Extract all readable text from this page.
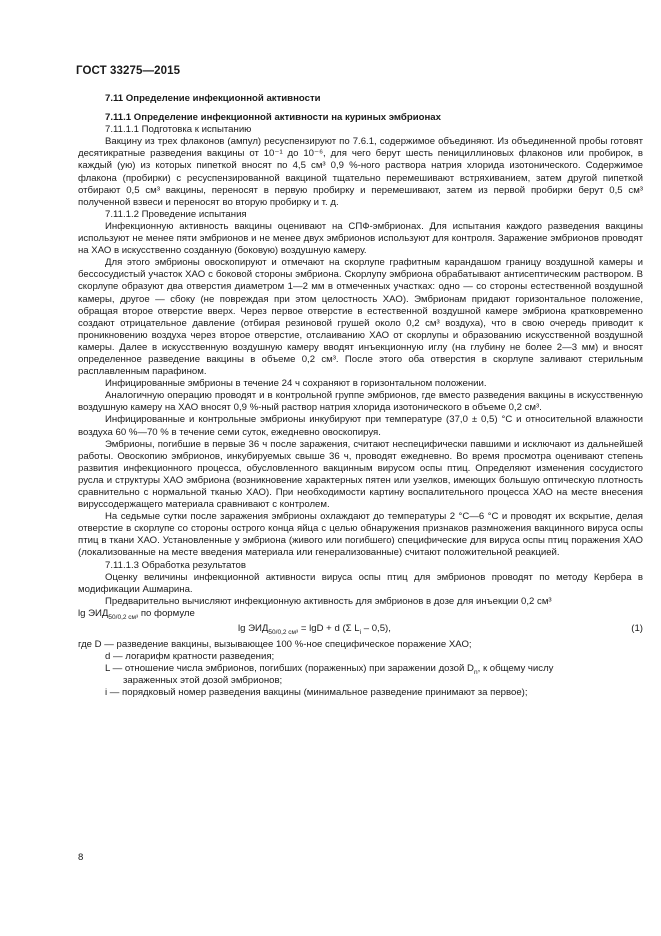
ГОСТ 33275—2015

7.11 Определение инфекционной активности

7.11.1 Определение инфекционной активности на куриных эмбрионах

7.11.1.1 Подготовка к испытанию

Вакцину из трех флаконов (ампул) ресуспензируют по 7.6.1, содержимое объединяют. Из объединенной пробы готовят десятикратные разведения вакцины от 10⁻¹ до 10⁻⁶, для чего берут шесть пенициллиновых флаконов или пробирок, в каждый (ую) из которых пипеткой вносят по 4,5 см³ 0,9 %-ного раствора натрия хлорида изотонического. Содержимое флакона (пробирки) с ресуспензированной вакциной тщательно перемешивают встряхиванием, затем другой пипеткой отбирают 0,5 см³ вакцины, переносят в первую пробирку и перемешивают, затем из первой пробирки берут 0,5 см³ полученной взвеси и переносят во вторую пробирку и т. д.

7.11.1.2 Проведение испытания

Инфекционную активность вакцины оценивают на СПФ-эмбрионах. Для испытания каждого разведения вакцины используют не менее пяти эмбрионов и не менее двух эмбрионов используют для контроля. Заражение эмбрионов проводят на ХАО в искусственно созданную (боковую) воздушную камеру.

Для этого эмбрионы овоскопируют и отмечают на скорлупе графитным карандашом границу воздушной камеры и бессосудистый участок ХАО с боковой стороны эмбриона. Скорлупу эмбриона обрабатывают антисептическим раствором. В скорлупе образуют два отверстия диаметром 1—2 мм в отмеченных участках: одно — со стороны естественной воздушной камеры, другое — сбоку (не повреждая при этом целостность ХАО). Эмбрионам придают горизонтальное положение, обращая второе отверстие вверх. Через первое отверстие в естественной воздушной камере эмбриона кратковременно создают отрицательное давление (отбирая резиновой грушей около 0,2 см³ воздуха), что в свою очередь приводит к проникновению воздуха через второе отверстие, отслаиванию ХАО от скорлупы и образованию искусственной воздушной камеры. Далее в искусственную воздушную камеру вводят инъекционную иглу (на глубину не более 2—3 мм) и вносят определенное разведение вакцины в объеме 0,2 см³. После этого оба отверстия в скорлупе заливают стерильным расплавленным парафином.

Инфицированные эмбрионы в течение 24 ч сохраняют в горизонтальном положении.

Аналогичную операцию проводят и в контрольной группе эмбрионов, где вместо разведения вакцины в искусственную воздушную камеру на ХАО вносят 0,9 %-ный раствор натрия хлорида изотонического в объеме 0,2 см³.

Инфицированные и контрольные эмбрионы инкубируют при температуре (37,0 ± 0,5) °С и относительной влажности воздуха 60 %—70 % в течение семи суток, ежедневно овоскопируя.

Эмбрионы, погибшие в первые 36 ч после заражения, считают неспецифически павшими и исключают из дальнейшей работы. Овоскопию эмбрионов, инкубируемых свыше 36 ч, проводят ежедневно. Во время просмотра оценивают степень развития инфекционного процесса, обусловленного вакцинным вирусом оспы птиц. Определяют изменения сосудистого русла и структуры ХАО эмбриона (возникновение характерных пятен или узелков, имеющих большую оптическую плотность сравнительно с нормальной тканью ХАО). При необходимости картину воспалительного процесса ХАО на месте внесения вируссодержащего материала сравнивают с контролем.

На седьмые сутки после заражения эмбрионы охлаждают до температуры 2 °С—6 °С и проводят их вскрытие, делая отверстие в скорлупе со стороны острого конца яйца с целью обнаружения признаков размножения вакцинного вируса оспы птиц в ткани ХАО. Установленные у эмбриона (живого или погибшего) специфические для вируса оспы птиц поражения ХАО (локализованные на месте введения материала или генерализованные) считают положительной реакцией.

7.11.1.3 Обработка результатов

Оценку величины инфекционной активности вируса оспы птиц для эмбрионов проводят по методу Кербера в модификации Ашмарина.

Предварительно вычисляют инфекционную активность для эмбрионов в дозе для инъекции 0,2 см³

$\lg ЭИД_{50/0,2 см^3}$ по формуле

$\lg ЭИД_{50/0,2 см^3} = \lg D + d$ (Σ $L_i - 0,5$),	(1)

где D — разведение вакцины, вызывающее 100 %-ное специфическое поражение ХАО;

d — логарифм кратности разведения;

L — отношение числа эмбрионов, погибших (пораженных) при заражении дозой $D_n$, к общему числу

зараженных этой дозой эмбрионов;

i — порядковый номер разведения вакцины (минимальное разведение принимают за первое);

8
